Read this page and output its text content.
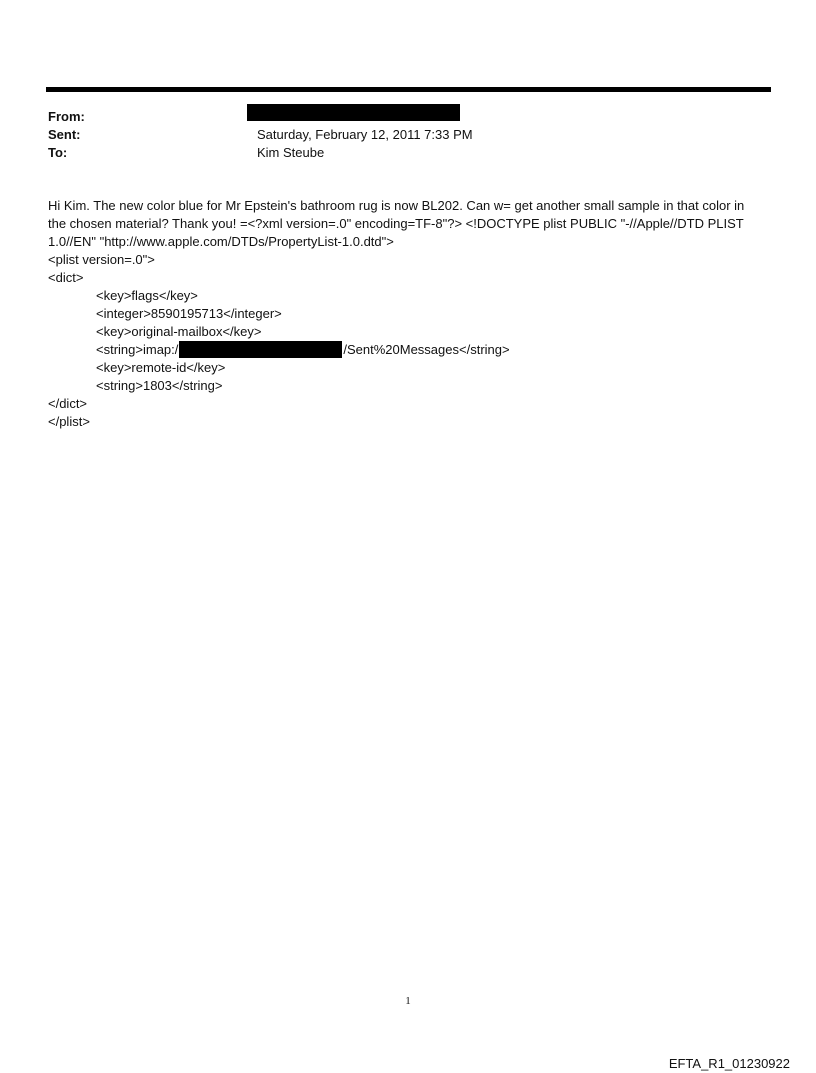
From:
Sent:	Saturday, February 12, 2011 7:33 PM
To:	Kim Steube
Hi Kim. The new color blue for Mr Epstein's bathroom rug is now BL202. Can w= get another small sample in that color in
the chosen material? Thank you! =<?xml version=.0" encoding=TF-8"?> <!DOCTYPE plist PUBLIC "-//Apple//DTD PLIST
1.0//EN" "http://www.apple.com/DTDs/PropertyList-1.0.dtd">
<plist version=.0">
<dict>
<key>flags</key>
<integer>8590195713</integer>
<key>original-mailbox</key>
<string>imap:/	/Sent%20Messages</string>
<key>remote-id</key>
<string>1803</string>
</dict>
</plist>
1
EFTA_R1_01230922
